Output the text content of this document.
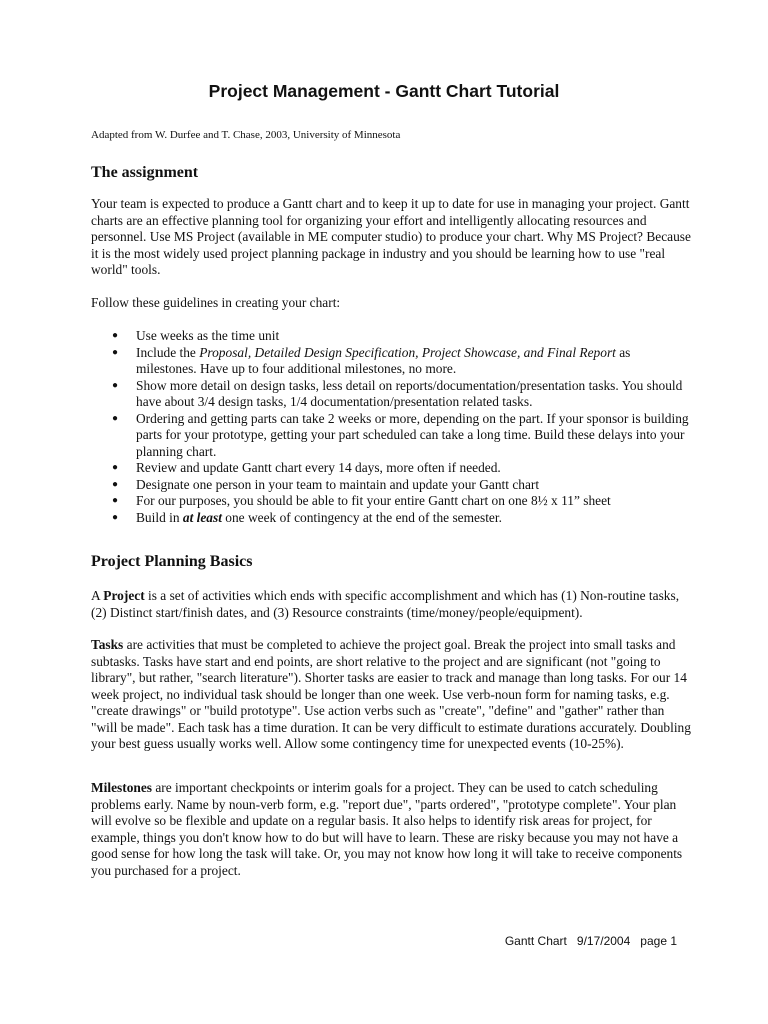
Project Management - Gantt Chart Tutorial
Adapted from W. Durfee and T. Chase, 2003, University of Minnesota
The assignment

Your team is expected to produce a Gantt chart and to keep it up to date for use in managing your project. Gantt charts are an effective planning tool for organizing your effort and intelligently allocating resources and personnel. Use MS Project (available in ME computer studio) to produce your chart. Why MS Project? Because it is the most widely used project planning package in industry and you should be learning how to use "real world" tools.

Follow these guidelines in creating your chart:

● Use weeks as the time unit
● Include the Proposal, Detailed Design Specification, Project Showcase, and Final Report as milestones. Have up to four additional milestones, no more.
● Show more detail on design tasks, less detail on reports/documentation/presentation tasks. You should have about 3/4 design tasks, 1/4 documentation/presentation related tasks.
● Ordering and getting parts can take 2 weeks or more, depending on the part. If your sponsor is building parts for your prototype, getting your part scheduled can take a long time. Build these delays into your planning chart.
● Review and update Gantt chart every 14 days, more often if needed.
● Designate one person in your team to maintain and update your Gantt chart
● For our purposes, you should be able to fit your entire Gantt chart on one 8½ x 11” sheet
● Build in at least one week of contingency at the end of the semester.
Project Planning Basics

A Project is a set of activities which ends with specific accomplishment and which has (1) Non-routine tasks, (2) Distinct start/finish dates, and (3) Resource constraints (time/money/people/equipment).

Tasks are activities that must be completed to achieve the project goal. Break the project into small tasks and subtasks. Tasks have start and end points, are short relative to the project and are significant (not "going to library", but rather, "search literature"). Shorter tasks are easier to track and manage than long tasks. For our 14 week project, no individual task should be longer than one week. Use verb-noun form for naming tasks, e.g. "create drawings" or "build prototype". Use action verbs such as "create", "define" and "gather" rather than "will be made". Each task has a time duration. It can be very difficult to estimate durations accurately. Doubling your best guess usually works well. Allow some contingency time for unexpected events (10-25%).

Milestones are important checkpoints or interim goals for a project. They can be used to catch scheduling problems early. Name by noun-verb form, e.g. "report due", "parts ordered", "prototype complete". Your plan will evolve so be flexible and update on a regular basis. It also helps to identify risk areas for project, for example, things you don't know how to do but will have to learn. These are risky because you may not have a good sense for how long the task will take. Or, you may not know how long it will take to receive components you purchased for a project.

Gantt Chart 9/17/2004 page 1
